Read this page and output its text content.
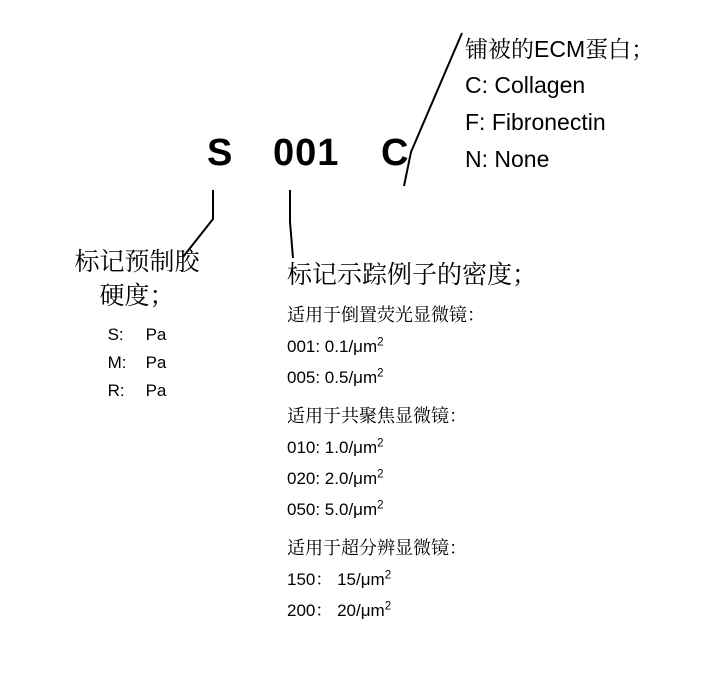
S 001 C
铺被的ECM蛋白；
C: Collagen
F: Fibronectin
N: None
标记预制胶
硬度；
S: Pa
M: Pa
R: Pa
标记示踪例子的密度；
适用于倒置荧光显微镜：
001: $0.1/\mu m^2$
005: $0.5/\mu m^2$
适用于共聚焦显微镜：
010: $1.0/\mu m^2$
020: $2.0/\mu m^2$
050: $5.0/\mu m^2$
适用于超分辨显微镜：
150： $15/\mu m^2$
200： $20/\mu m^2$
